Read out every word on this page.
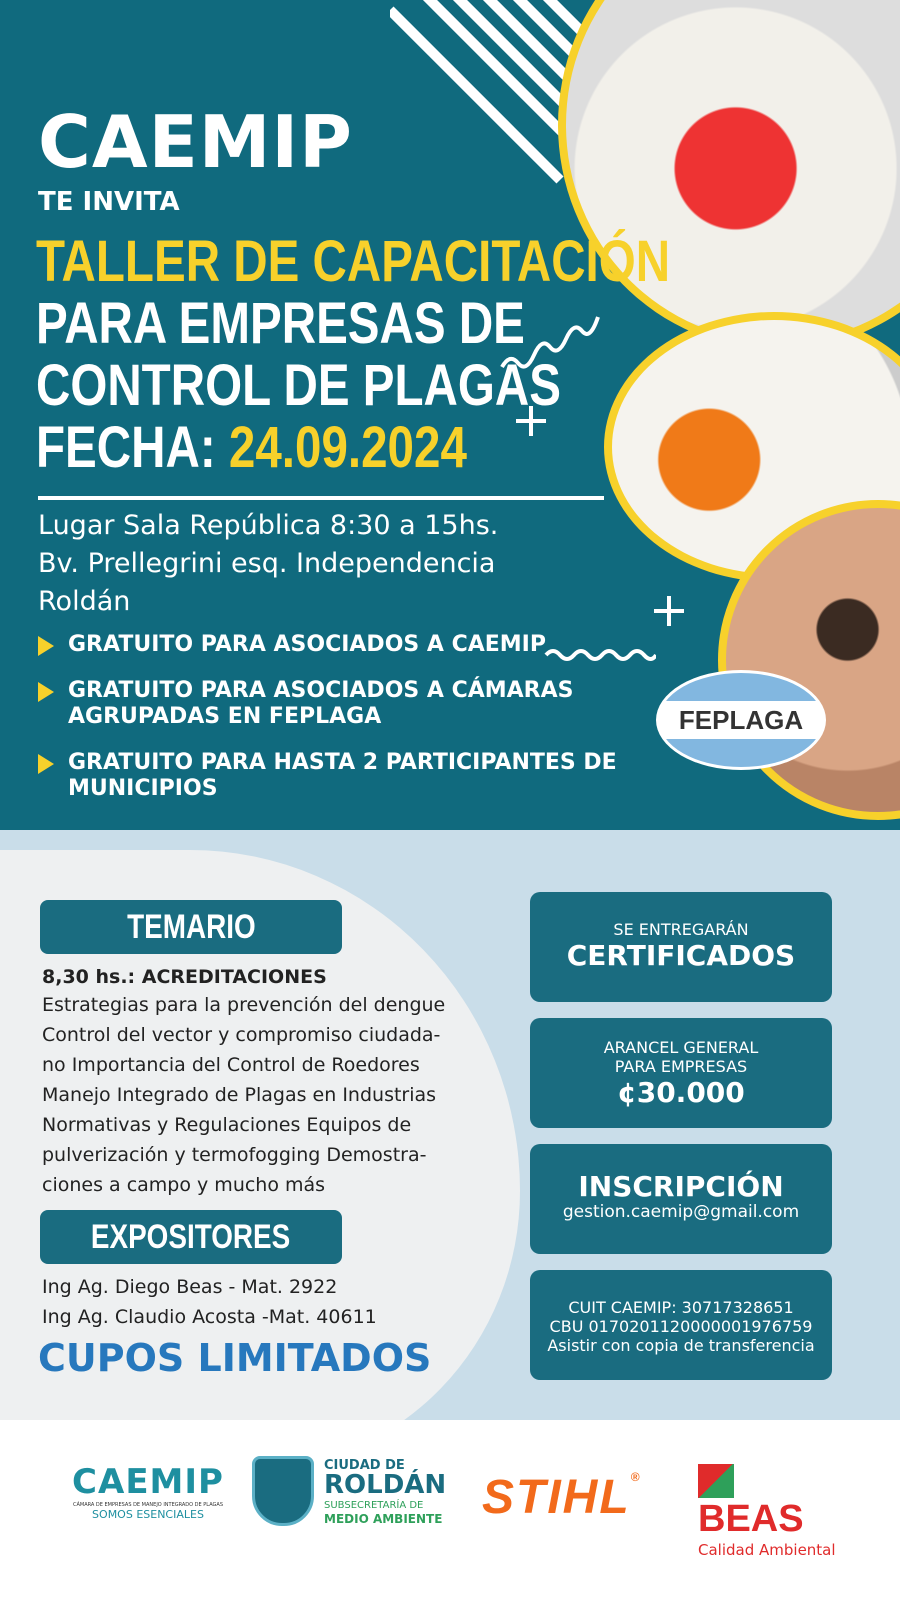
CAEMIP
TE INVITA
TALLER DE CAPACITACIÓN
PARA EMPRESAS DE
CONTROL DE PLAGAS
FECHA: 24.09.2024
Lugar Sala República 8:30 a 15hs.
Bv. Prellegrini esq. Independencia
Roldán
GRATUITO PARA ASOCIADOS A CAEMIP
GRATUITO PARA ASOCIADOS A CÁMARAS AGRUPADAS EN FEPLAGA
GRATUITO PARA HASTA 2 PARTICIPANTES DE MUNICIPIOS
FEPLAGA
TEMARIO
8,30 hs.: ACREDITACIONES
Estrategias para la prevención del dengue
Control del vector y compromiso ciudada-
no Importancia del Control de Roedores
Manejo Integrado de Plagas en Industrias
Normativas y Regulaciones Equipos de
pulverización y termofogging Demostra-
ciones a campo y mucho más
EXPOSITORES
Ing Ag. Diego Beas - Mat. 2922
Ing Ag. Claudio Acosta -Mat. 40611
CUPOS LIMITADOS
SE ENTREGARÁN
CERTIFICADOS
ARANCEL GENERAL
PARA EMPRESAS
¢30.000
INSCRIPCIÓN
gestion.caemip@gmail.com
CUIT CAEMIP: 30717328651
CBU 0170201120000001976759
Asistir con copia de transferencia
CAEMIP
CÁMARA DE EMPRESAS DE MANEJO INTEGRADO DE PLAGAS
SOMOS ESENCIALES
CIUDAD DE
ROLDÁN
SUBSECRETARÍA DE
MEDIO AMBIENTE STIHL®
BEAS
Calidad Ambiental
